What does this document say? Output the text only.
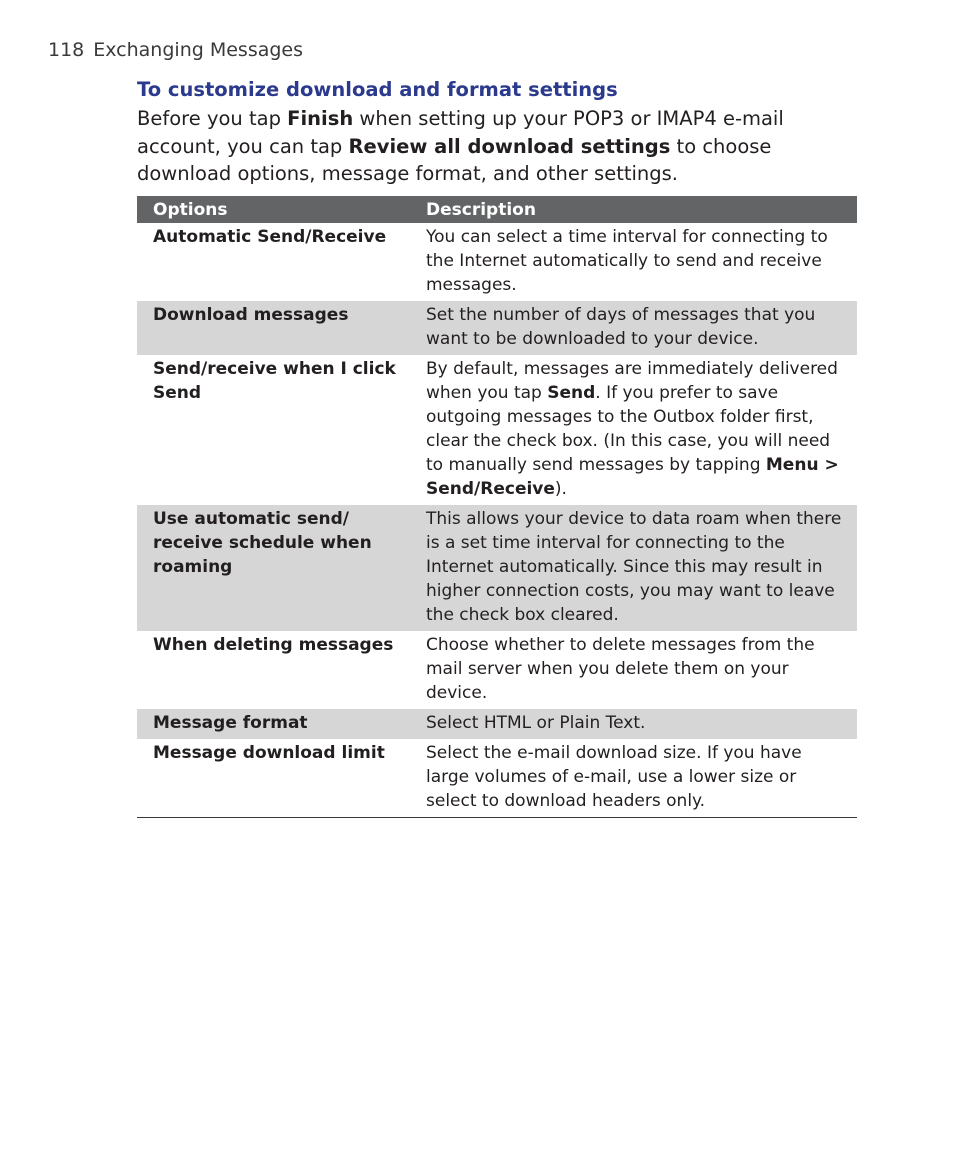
118 Exchanging Messages
To customize download and format settings

Before you tap Finish when setting up your POP3 or IMAP4 e-mail account, you can tap Review all download settings to choose download options, message format, and other settings.

Options	Description
Automatic Send/Receive	You can select a time interval for connecting to the Internet automatically to send and receive messages.
Download messages	Set the number of days of messages that you want to be downloaded to your device.
Send/receive when I click Send	By default, messages are immediately delivered when you tap Send. If you prefer to save outgoing messages to the Outbox folder first, clear the check box. (In this case, you will need to manually send messages by tapping Menu > Send/Receive).
Use automatic send/ receive schedule when roaming	This allows your device to data roam when there is a set time interval for connecting to the Internet automatically. Since this may result in higher connection costs, you may want to leave the check box cleared.
When deleting messages	Choose whether to delete messages from the mail server when you delete them on your device.
Message format	Select HTML or Plain Text.
Message download limit	Select the e-mail download size. If you have large volumes of e-mail, use a lower size or select to download headers only.
